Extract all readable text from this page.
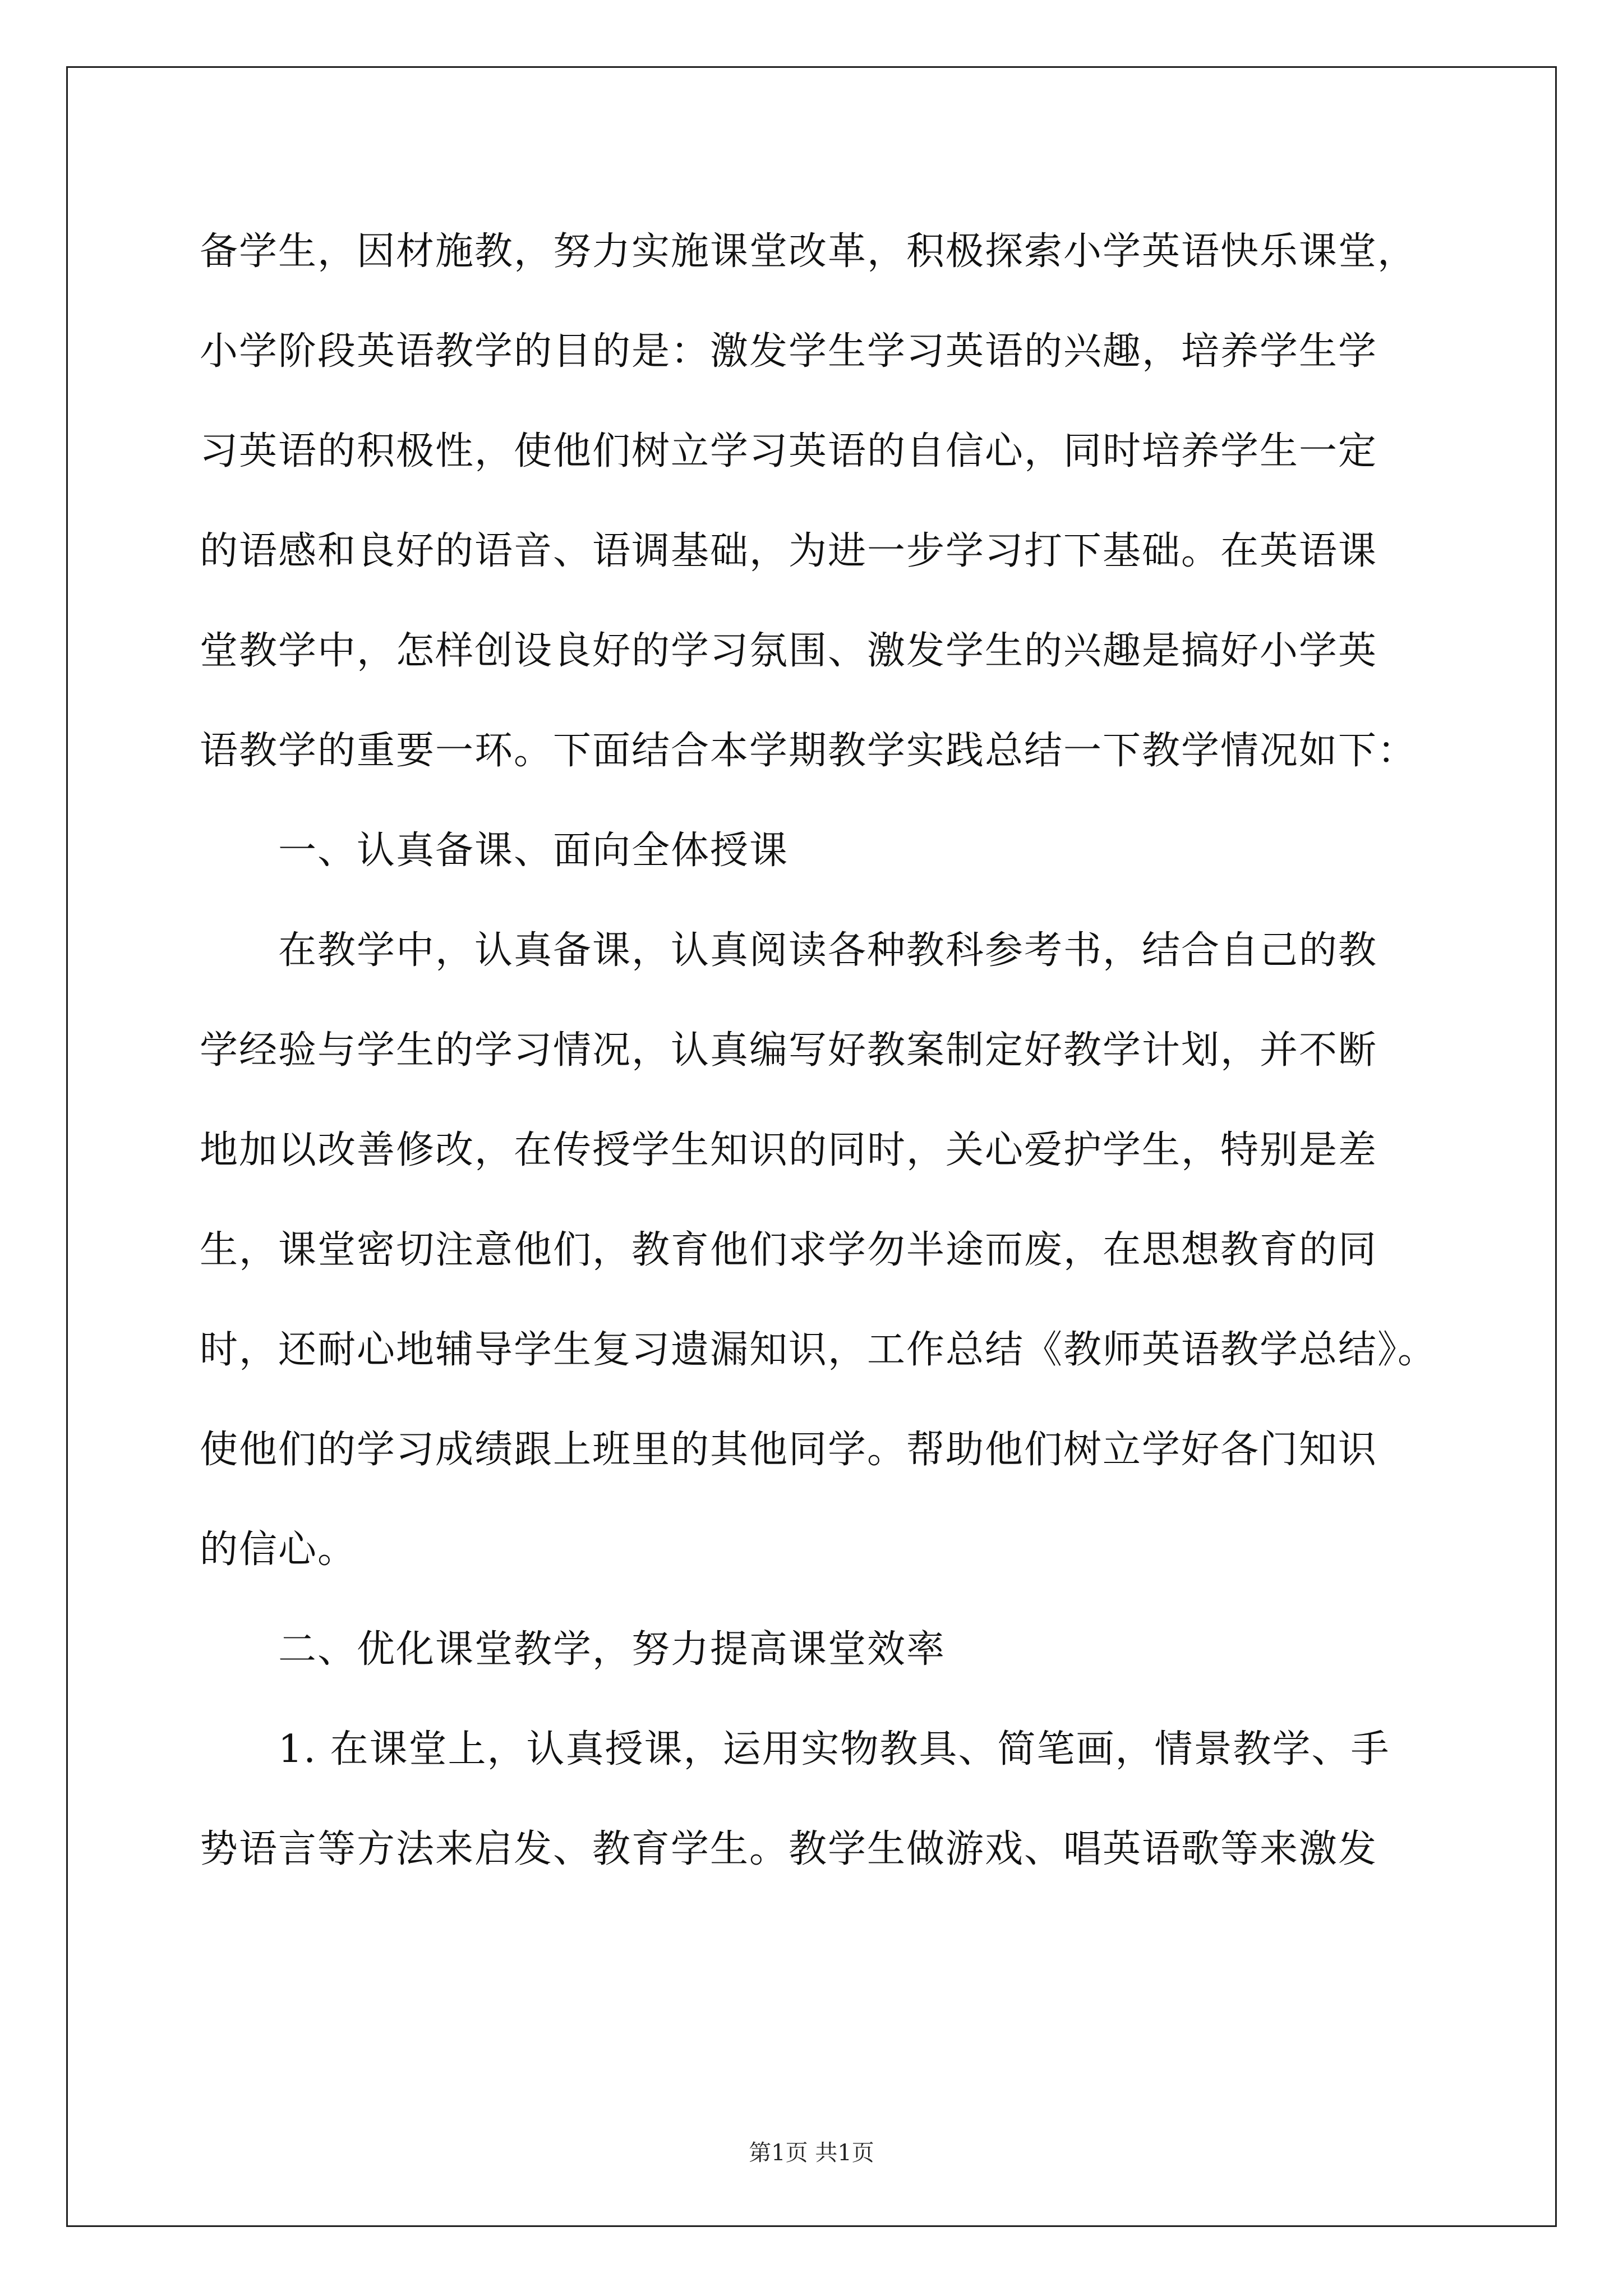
备学生，因材施教，努力实施课堂改革，积极探索小学英语快乐课堂，
小学阶段英语教学的目的是：激发学生学习英语的兴趣，培养学生学
习英语的积极性，使他们树立学习英语的自信心，同时培养学生一定
的语感和良好的语音、语调基础，为进一步学习打下基础。在英语课
堂教学中，怎样创设良好的学习氛围、激发学生的兴趣是搞好小学英
语教学的重要一环。下面结合本学期教学实践总结一下教学情况如下：
一、认真备课、面向全体授课
在教学中，认真备课，认真阅读各种教科参考书，结合自己的教
学经验与学生的学习情况，认真编写好教案制定好教学计划，并不断
地加以改善修改，在传授学生知识的同时，关心爱护学生，特别是差
生，课堂密切注意他们，教育他们求学勿半途而废，在思想教育的同
时，还耐心地辅导学生复习遗漏知识，工作总结《教师英语教学总结》。
使他们的学习成绩跟上班里的其他同学。帮助他们树立学好各门知识
的信心。
二、优化课堂教学，努力提高课堂效率
1. 在课堂上，认真授课，运用实物教具、简笔画，情景教学、手
势语言等方法来启发、教育学生。教学生做游戏、唱英语歌等来激发
第1页 共1页
